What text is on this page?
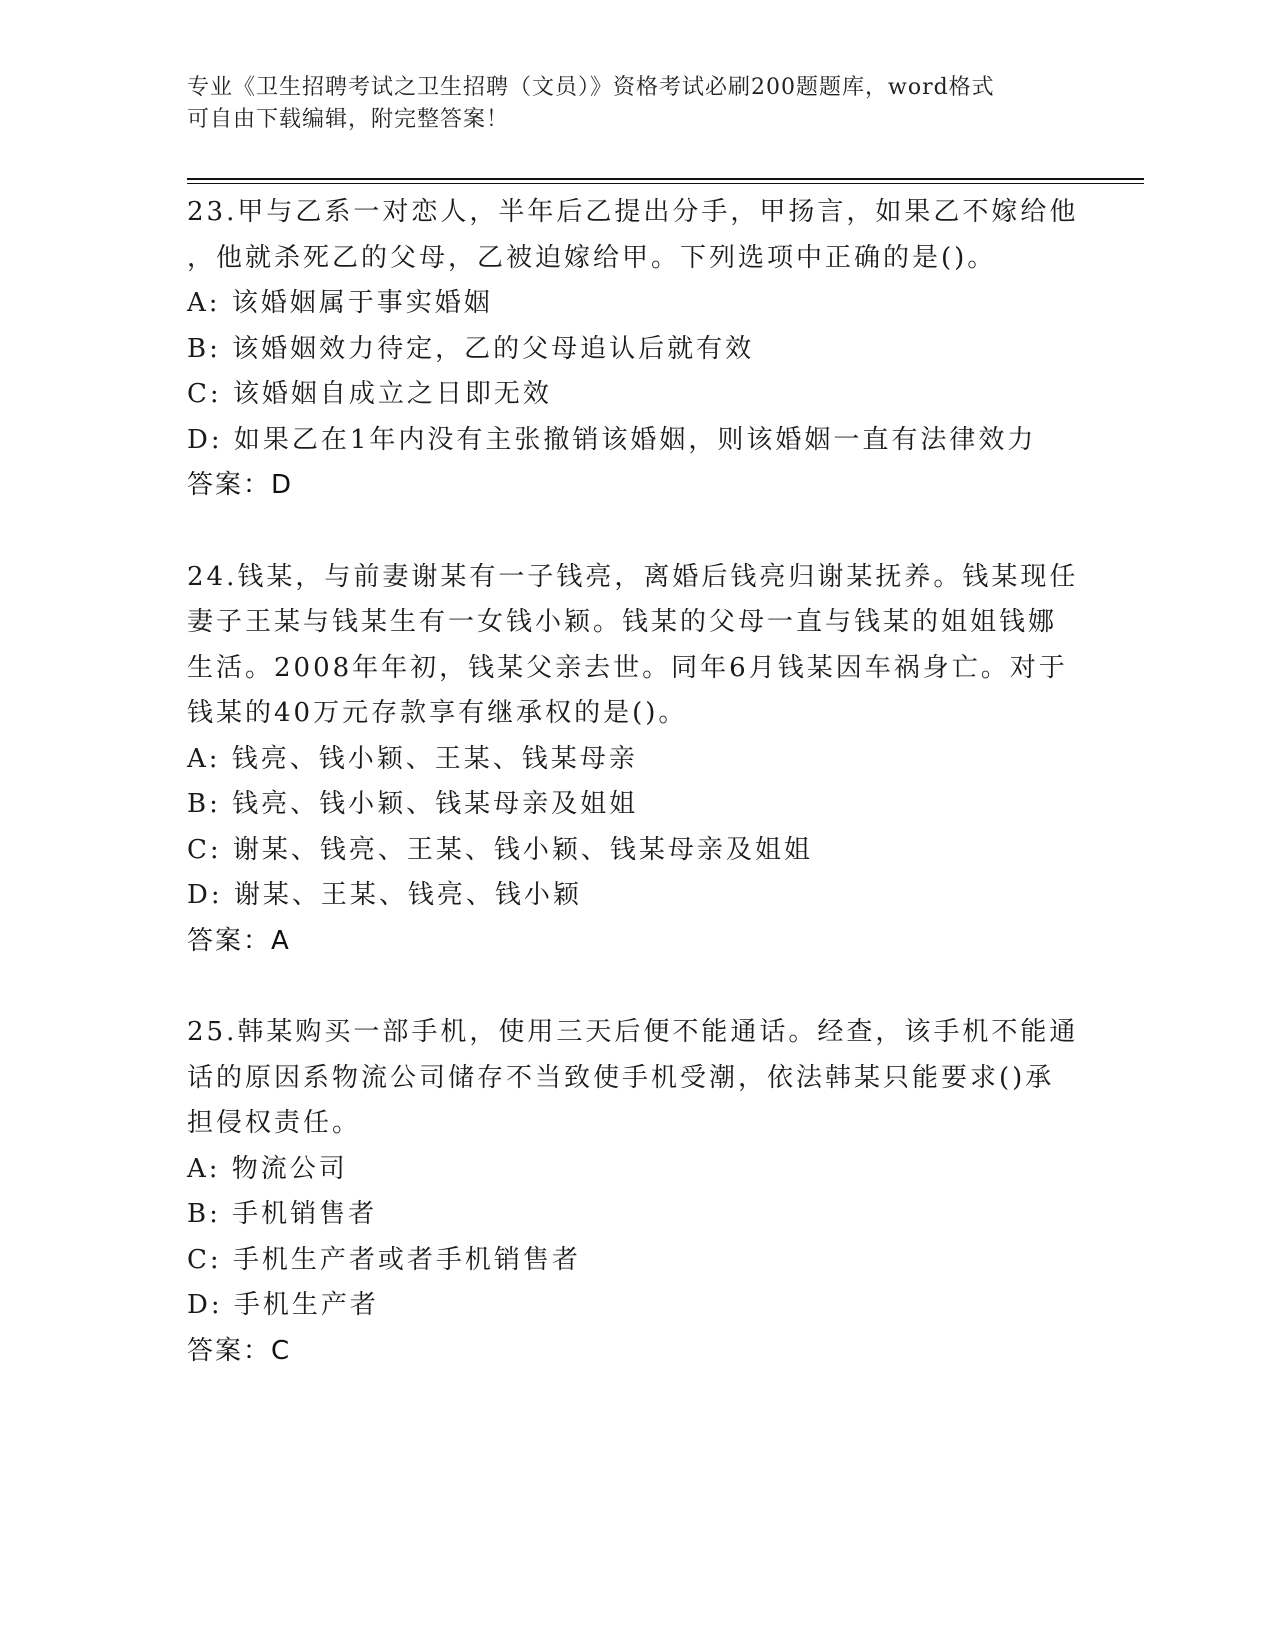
专业《卫生招聘考试之卫生招聘（文员）》资格考试必刷200题题库，word格式
可自由下载编辑，附完整答案！
23.甲与乙系一对恋人，半年后乙提出分手，甲扬言，如果乙不嫁给他
，他就杀死乙的父母，乙被迫嫁给甲。下列选项中正确的是()。
A: 该婚姻属于事实婚姻
B: 该婚姻效力待定，乙的父母追认后就有效
C: 该婚姻自成立之日即无效
D: 如果乙在1年内没有主张撤销该婚姻，则该婚姻一直有法律效力
答案：D
24.钱某，与前妻谢某有一子钱亮，离婚后钱亮归谢某抚养。钱某现任
妻子王某与钱某生有一女钱小颖。钱某的父母一直与钱某的姐姐钱娜
生活。2008年年初，钱某父亲去世。同年6月钱某因车祸身亡。对于
钱某的40万元存款享有继承权的是()。
A: 钱亮、钱小颖、王某、钱某母亲
B: 钱亮、钱小颖、钱某母亲及姐姐
C: 谢某、钱亮、王某、钱小颖、钱某母亲及姐姐
D: 谢某、王某、钱亮、钱小颖
答案：A
25.韩某购买一部手机，使用三天后便不能通话。经查，该手机不能通
话的原因系物流公司储存不当致使手机受潮，依法韩某只能要求()承
担侵权责任。
A: 物流公司
B: 手机销售者
C: 手机生产者或者手机销售者
D: 手机生产者
答案：C
